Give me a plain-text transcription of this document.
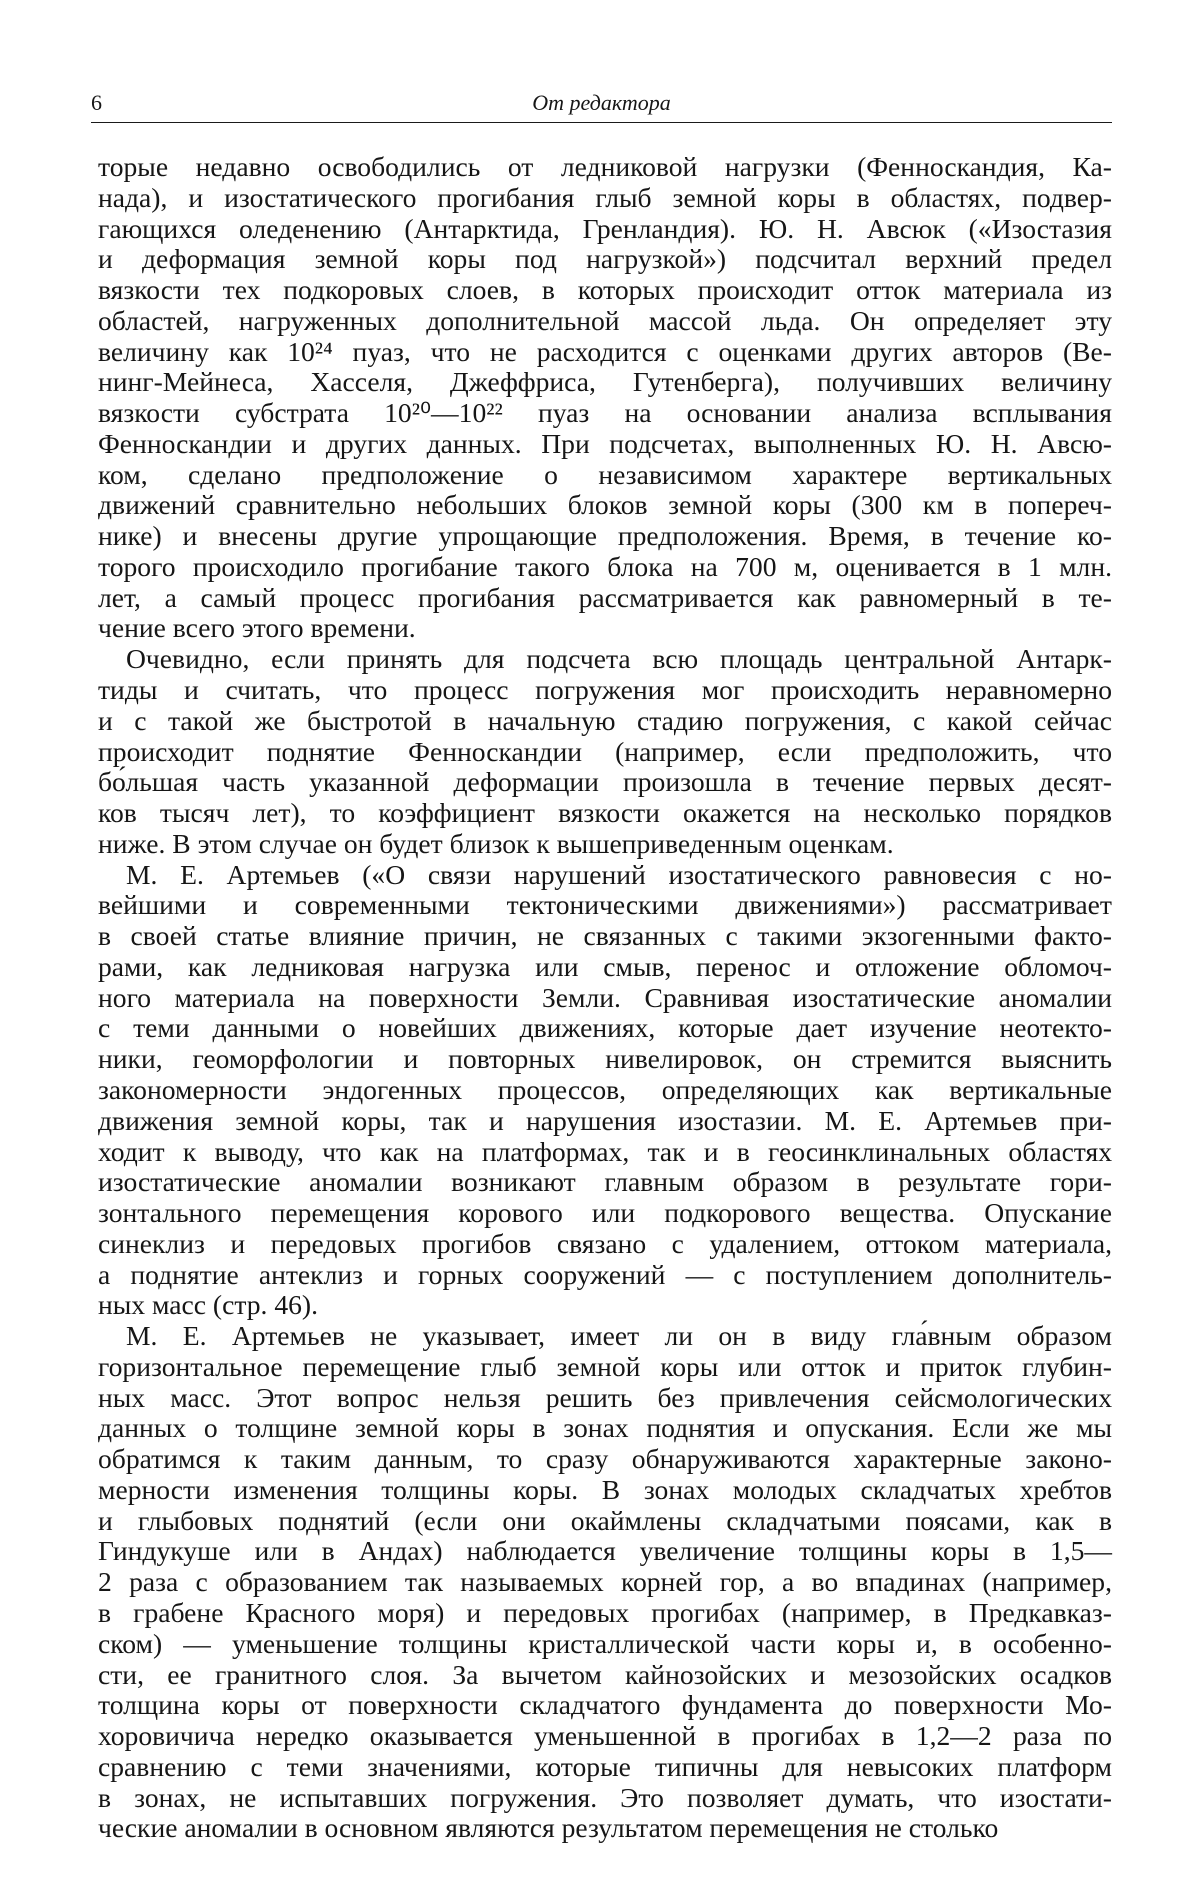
6	От редактора
торые недавно освободились от ледниковой нагрузки (Фенноскандия, Ка-
нада), и изостатического прогибания глыб земной коры в областях, подвер-
гающихся оледенению (Антарктида, Гренландия). Ю. Н. Авсюк («Изостазия
и деформация земной коры под нагрузкой») подсчитал верхний предел
вязкости тех подкоровых слоев, в которых происходит отток материала из
областей, нагруженных дополнительной массой льда. Он определяет эту
величину как 10²⁴ пуаз, что не расходится с оценками других авторов (Ве-
нинг-Мейнеса, Хасселя, Джеффриса, Гутенберга), получивших величину
вязкости субстрата 10²⁰—10²² пуаз на основании анализа всплывания
Фенноскандии и других данных. При подсчетах, выполненных Ю. Н. Авсю-
ком, сделано предположение о независимом характере вертикальных
движений сравнительно небольших блоков земной коры (300 км в попереч-
нике) и внесены другие упрощающие предположения. Время, в течение ко-
торого происходило прогибание такого блока на 700 м, оценивается в 1 млн.
лет, а самый процесс прогибания рассматривается как равномерный в те-
чение всего этого времени.
Очевидно, если принять для подсчета всю площадь центральной Антарк-
тиды и считать, что процесс погружения мог происходить неравномерно
и с такой же быстротой в начальную стадию погружения, с какой сейчас
происходит поднятие Фенноскандии (например, если предположить, что
бо́льшая часть указанной деформации произошла в течение первых десят-
ков тысяч лет), то коэффициент вязкости окажется на несколько порядков
ниже. В этом случае он будет близок к вышеприведенным оценкам.
М. Е. Артемьев («О связи нарушений изостатического равновесия с но-
вейшими и современными тектоническими движениями») рассматривает
в своей статье влияние причин, не связанных с такими экзогенными факто-
рами, как ледниковая нагрузка или смыв, перенос и отложение обломоч-
ного материала на поверхности Земли. Сравнивая изостатические аномалии
с теми данными о новейших движениях, которые дает изучение неотекто-
ники, геоморфологии и повторных нивелировок, он стремится выяснить
закономерности эндогенных процессов, определяющих как вертикальные
движения земной коры, так и нарушения изостазии. М. Е. Артемьев при-
ходит к выводу, что как на платформах, так и в геосинклинальных областях
изостатические аномалии возникают главным образом в результате гори-
зонтального перемещения корового или подкорового вещества. Опускание
синеклиз и передовых прогибов связано с удалением, оттоком материала,
а поднятие антеклиз и горных сооружений — с поступлением дополнитель-
ных масс (стр. 46).
М. Е. Артемьев не указывает, имеет ли он в виду гла́вным образом
горизонтальное перемещение глыб земной коры или отток и приток глубин-
ных масс. Этот вопрос нельзя решить без привлечения сейсмологических
данных о толщине земной коры в зонах поднятия и опускания. Если же мы
обратимся к таким данным, то сразу обнаруживаются характерные законо-
мерности изменения толщины коры. В зонах молодых складчатых хребтов
и глыбовых поднятий (если они окаймлены складчатыми поясами, как в
Гиндукуше или в Андах) наблюдается увеличение толщины коры в 1,5—
2 раза с образованием так называемых корней гор, а во впадинах (например,
в грабене Красного моря) и передовых прогибах (например, в Предкавказ-
ском) — уменьшение толщины кристаллической части коры и, в особенно-
сти, ее гранитного слоя. За вычетом кайнозойских и мезозойских осадков
толщина коры от поверхности складчатого фундамента до поверхности Мо-
хоровичича нередко оказывается уменьшенной в прогибах в 1,2—2 раза по
сравнению с теми значениями, которые типичны для невысоких платформ
в зонах, не испытавших погружения. Это позволяет думать, что изостати-
ческие аномалии в основном являются результатом перемещения не столько
